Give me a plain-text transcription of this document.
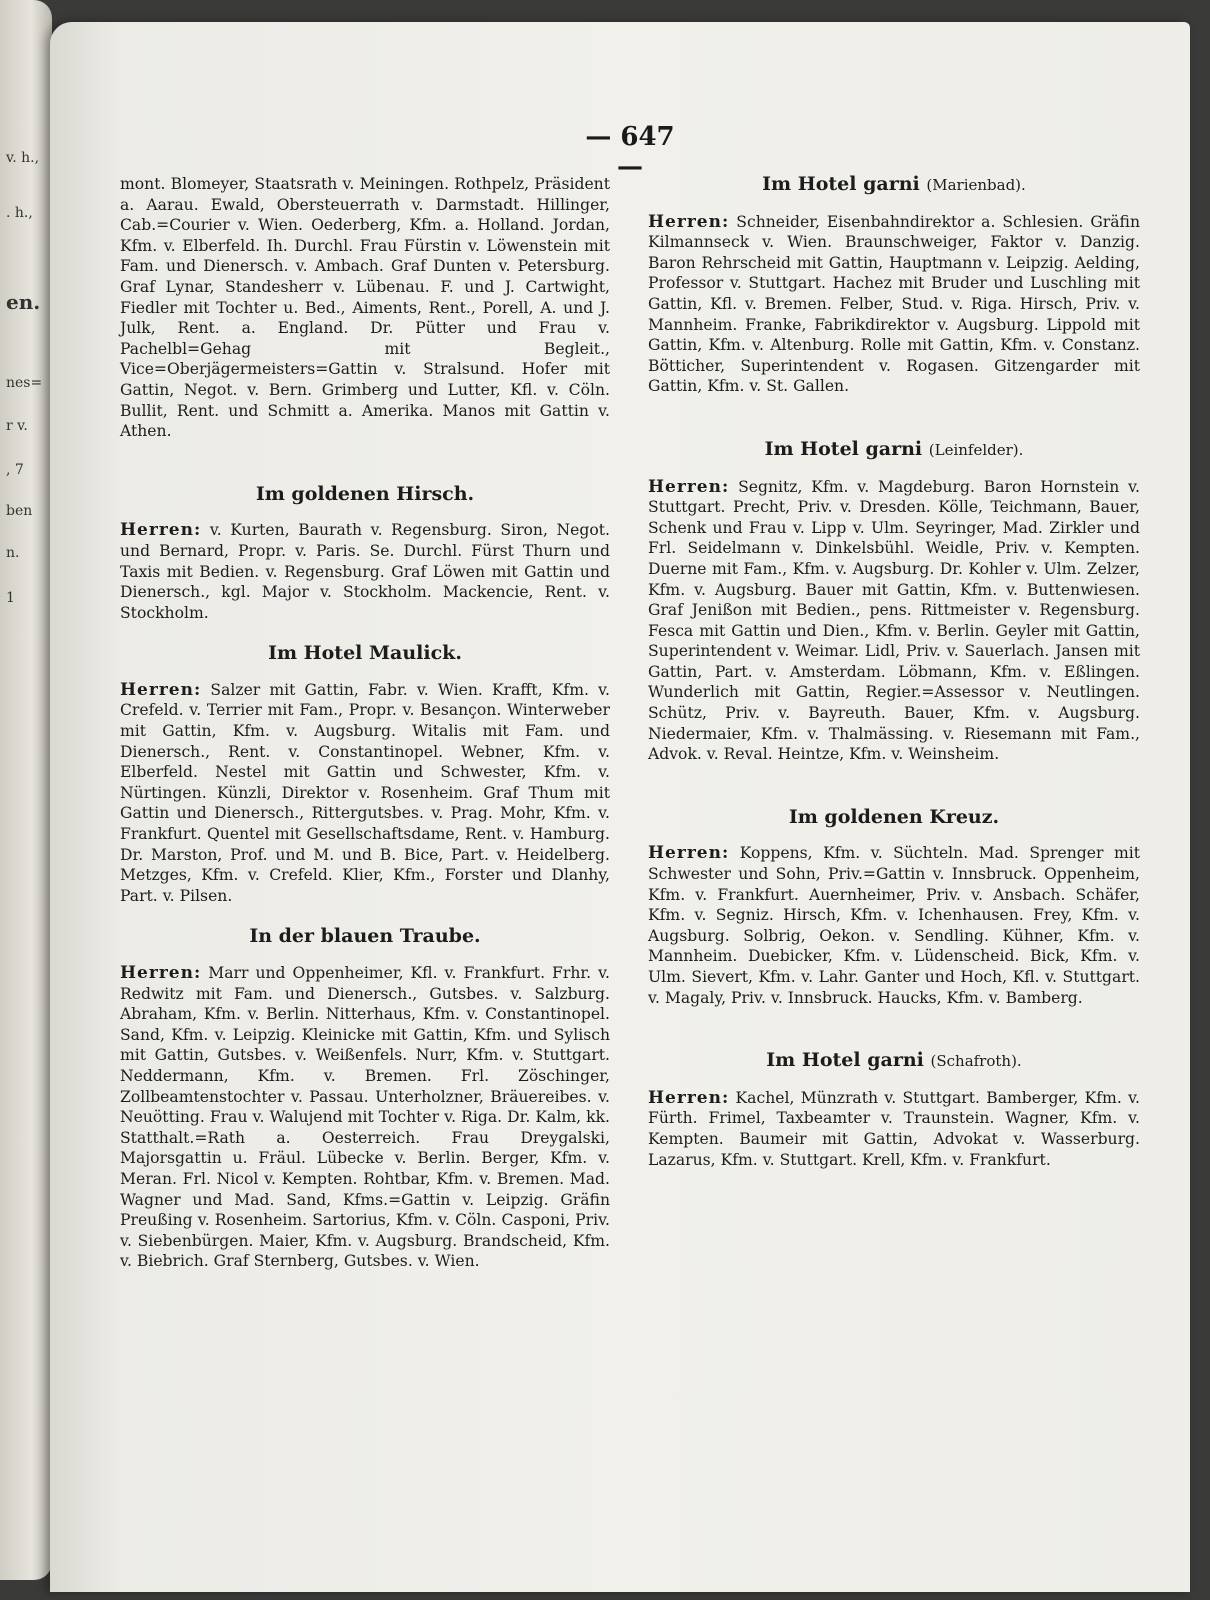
v. h.,
. h.,
en.
nes=
r v.
, 7
ben
n.
1
— 647 —

mont. Blomeyer, Staatsrath v. Meiningen. Rothpelz, Präsident a. Aarau. Ewald, Obersteuerrath v. Darmstadt. Hillinger, Cab.=Courier v. Wien. Oederberg, Kfm. a. Holland. Jordan, Kfm. v. Elberfeld. Ih. Durchl. Frau Fürstin v. Löwenstein mit Fam. und Dienersch. v. Ambach. Graf Dunten v. Petersburg. Graf Lynar, Standesherr v. Lübenau. F. und J. Cartwight, Fiedler mit Tochter u. Bed., Aiments, Rent., Porell, A. und J. Julk, Rent. a. England. Dr. Pütter und Frau v. Pachelbl=Gehag mit Begleit., Vice=Oberjägermeisters=Gattin v. Stralsund. Hofer mit Gattin, Negot. v. Bern. Grimberg und Lutter, Kfl. v. Cöln. Bullit, Rent. und Schmitt a. Amerika. Manos mit Gattin v. Athen.

Im goldenen Hirsch.

Herren: v. Kurten, Baurath v. Regensburg. Siron, Negot. und Bernard, Propr. v. Paris. Se. Durchl. Fürst Thurn und Taxis mit Bedien. v. Regensburg. Graf Löwen mit Gattin und Dienersch., kgl. Major v. Stockholm. Mackencie, Rent. v. Stockholm.

Im Hotel Maulick.

Herren: Salzer mit Gattin, Fabr. v. Wien. Krafft, Kfm. v. Crefeld. v. Terrier mit Fam., Propr. v. Besançon. Winterweber mit Gattin, Kfm. v. Augsburg. Witalis mit Fam. und Dienersch., Rent. v. Constantinopel. Webner, Kfm. v. Elberfeld. Nestel mit Gattin und Schwester, Kfm. v. Nürtingen. Künzli, Direktor v. Rosenheim. Graf Thum mit Gattin und Dienersch., Rittergutsbes. v. Prag. Mohr, Kfm. v. Frankfurt. Quentel mit Gesellschaftsdame, Rent. v. Hamburg. Dr. Marston, Prof. und M. und B. Bice, Part. v. Heidelberg. Metzges, Kfm. v. Crefeld. Klier, Kfm., Forster und Dlanhy, Part. v. Pilsen.

In der blauen Traube.

Herren: Marr und Oppenheimer, Kfl. v. Frankfurt. Frhr. v. Redwitz mit Fam. und Dienersch., Gutsbes. v. Salzburg. Abraham, Kfm. v. Berlin. Nitterhaus, Kfm. v. Constantinopel. Sand, Kfm. v. Leipzig. Kleinicke mit Gattin, Kfm. und Sylisch mit Gattin, Gutsbes. v. Weißenfels. Nurr, Kfm. v. Stuttgart. Neddermann, Kfm. v. Bremen. Frl. Zöschinger, Zollbeamtenstochter v. Passau. Unterholzner, Bräuereibes. v. Neuötting. Frau v. Walujend mit Tochter v. Riga. Dr. Kalm, kk. Statthalt.=Rath a. Oesterreich. Frau Dreygalski, Majorsgattin u. Fräul. Lübecke v. Berlin. Berger, Kfm. v. Meran. Frl. Nicol v. Kempten. Rohtbar, Kfm. v. Bremen. Mad. Wagner und Mad. Sand, Kfms.=Gattin v. Leipzig. Gräfin Preußing v. Rosenheim. Sartorius, Kfm. v. Cöln. Casponi, Priv. v. Siebenbürgen. Maier, Kfm. v. Augsburg. Brandscheid, Kfm. v. Biebrich. Graf Sternberg, Gutsbes. v. Wien.

Im Hotel garni (Marienbad).

Herren: Schneider, Eisenbahndirektor a. Schlesien. Gräfin Kilmannseck v. Wien. Braunschweiger, Faktor v. Danzig. Baron Rehrscheid mit Gattin, Hauptmann v. Leipzig. Aelding, Professor v. Stuttgart. Hachez mit Bruder und Luschling mit Gattin, Kfl. v. Bremen. Felber, Stud. v. Riga. Hirsch, Priv. v. Mannheim. Franke, Fabrikdirektor v. Augsburg. Lippold mit Gattin, Kfm. v. Altenburg. Rolle mit Gattin, Kfm. v. Constanz. Bötticher, Superintendent v. Rogasen. Gitzengarder mit Gattin, Kfm. v. St. Gallen.

Im Hotel garni (Leinfelder).

Herren: Segnitz, Kfm. v. Magdeburg. Baron Hornstein v. Stuttgart. Precht, Priv. v. Dresden. Kölle, Teichmann, Bauer, Schenk und Frau v. Lipp v. Ulm. Seyringer, Mad. Zirkler und Frl. Seidelmann v. Dinkelsbühl. Weidle, Priv. v. Kempten. Duerne mit Fam., Kfm. v. Augsburg. Dr. Kohler v. Ulm. Zelzer, Kfm. v. Augsburg. Bauer mit Gattin, Kfm. v. Buttenwiesen. Graf Jenißon mit Bedien., pens. Rittmeister v. Regensburg. Fesca mit Gattin und Dien., Kfm. v. Berlin. Geyler mit Gattin, Superintendent v. Weimar. Lidl, Priv. v. Sauerlach. Jansen mit Gattin, Part. v. Amsterdam. Löbmann, Kfm. v. Eßlingen. Wunderlich mit Gattin, Regier.=Assessor v. Neutlingen. Schütz, Priv. v. Bayreuth. Bauer, Kfm. v. Augsburg. Niedermaier, Kfm. v. Thalmässing. v. Riesemann mit Fam., Advok. v. Reval. Heintze, Kfm. v. Weinsheim.

Im goldenen Kreuz.

Herren: Koppens, Kfm. v. Süchteln. Mad. Sprenger mit Schwester und Sohn, Priv.=Gattin v. Innsbruck. Oppenheim, Kfm. v. Frankfurt. Auernheimer, Priv. v. Ansbach. Schäfer, Kfm. v. Segniz. Hirsch, Kfm. v. Ichenhausen. Frey, Kfm. v. Augsburg. Solbrig, Oekon. v. Sendling. Kühner, Kfm. v. Mannheim. Duebicker, Kfm. v. Lüdenscheid. Bick, Kfm. v. Ulm. Sievert, Kfm. v. Lahr. Ganter und Hoch, Kfl. v. Stuttgart. v. Magaly, Priv. v. Innsbruck. Haucks, Kfm. v. Bamberg.

Im Hotel garni (Schafroth).

Herren: Kachel, Münzrath v. Stuttgart. Bamberger, Kfm. v. Fürth. Frimel, Taxbeamter v. Traunstein. Wagner, Kfm. v. Kempten. Baumeir mit Gattin, Advokat v. Wasserburg. Lazarus, Kfm. v. Stuttgart. Krell, Kfm. v. Frankfurt.
